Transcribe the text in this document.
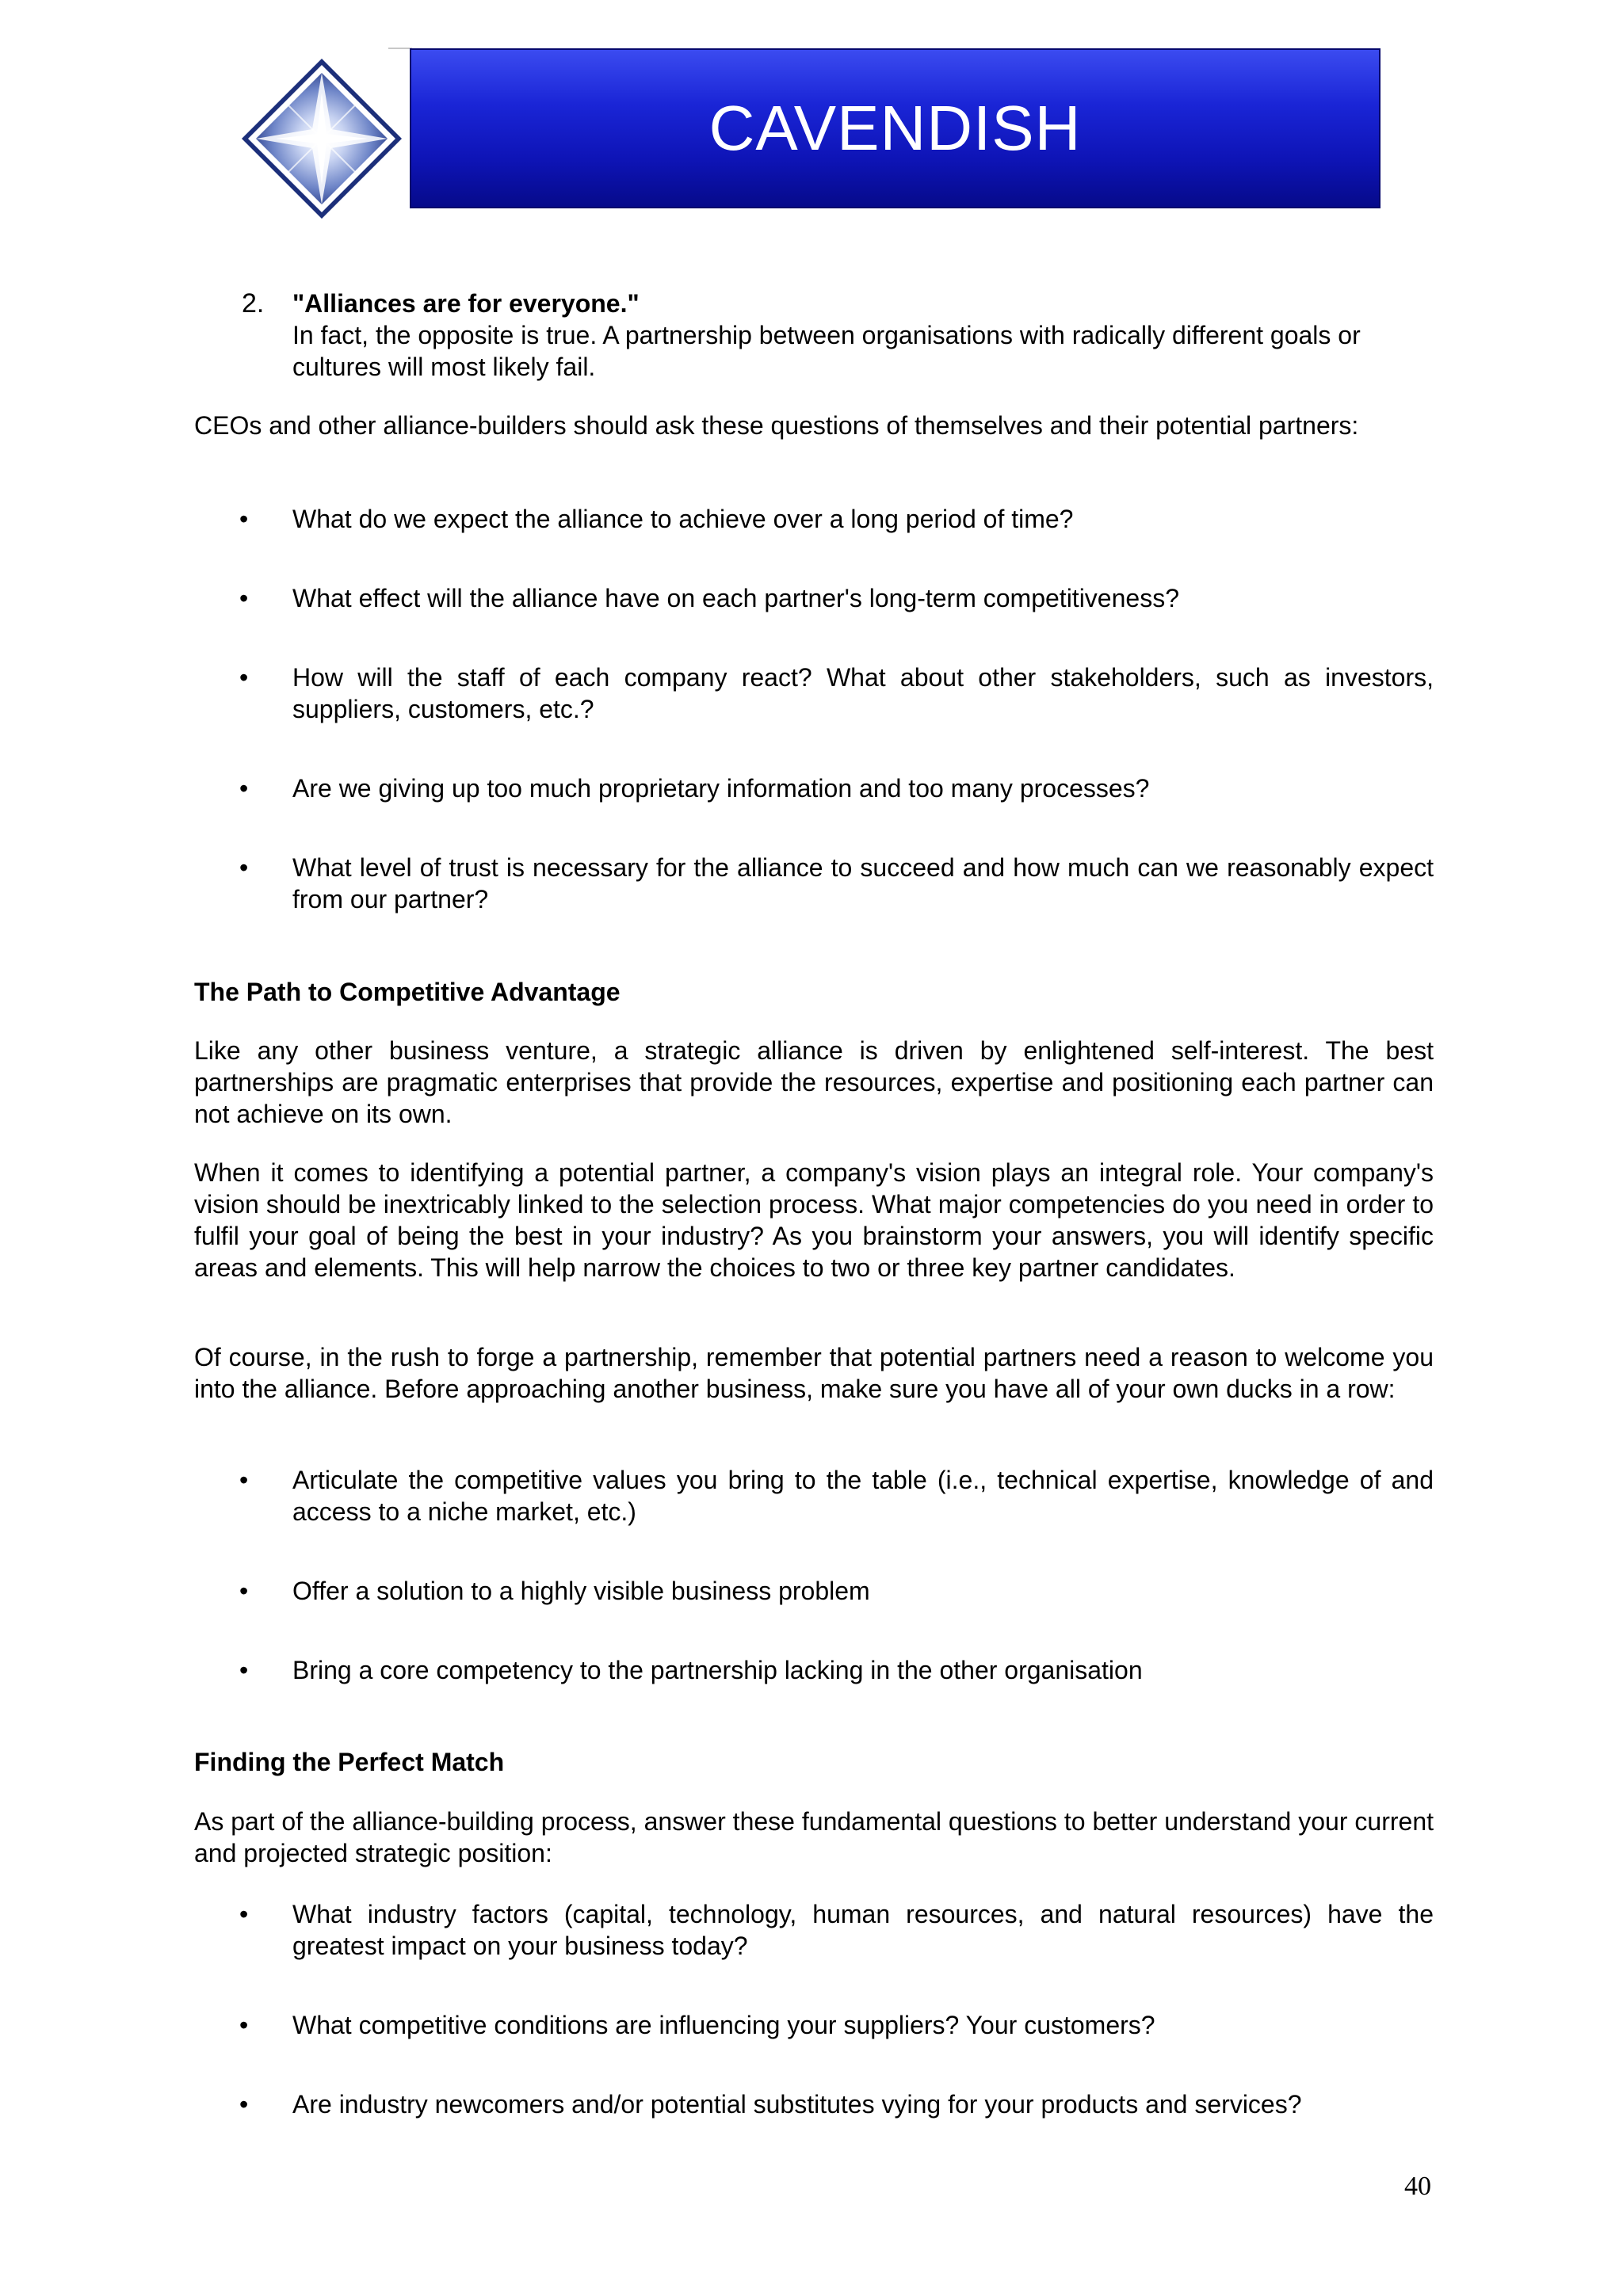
CAVENDISH
2. "Alliances are for everyone."
In fact, the opposite is true. A partnership between organisations with radically different goals or cultures will most likely fail.
CEOs and other alliance-builders should ask these questions of themselves and their potential partners:
• What do we expect the alliance to achieve over a long period of time?
• What effect will the alliance have on each partner's long-term competitiveness?
• How will the staff of each company react? What about other stakeholders, such as investors, suppliers, customers, etc.?
• Are we giving up too much proprietary information and too many processes?
• What level of trust is necessary for the alliance to succeed and how much can we reasonably expect from our partner?
The Path to Competitive Advantage
Like any other business venture, a strategic alliance is driven by enlightened self-interest. The best partnerships are pragmatic enterprises that provide the resources, expertise and positioning each partner can not achieve on its own.
When it comes to identifying a potential partner, a company's vision plays an integral role. Your company's vision should be inextricably linked to the selection process. What major competencies do you need in order to fulfil your goal of being the best in your industry? As you brainstorm your answers, you will identify specific areas and elements. This will help narrow the choices to two or three key partner candidates.
Of course, in the rush to forge a partnership, remember that potential partners need a reason to welcome you into the alliance. Before approaching another business, make sure you have all of your own ducks in a row:
• Articulate the competitive values you bring to the table (i.e., technical expertise, knowledge of and access to a niche market, etc.)
• Offer a solution to a highly visible business problem
• Bring a core competency to the partnership lacking in the other organisation
Finding the Perfect Match
As part of the alliance-building process, answer these fundamental questions to better understand your current and projected strategic position:
• What industry factors (capital, technology, human resources, and natural resources) have the greatest impact on your business today?
• What competitive conditions are influencing your suppliers? Your customers?
• Are industry newcomers and/or potential substitutes vying for your products and services?
40
